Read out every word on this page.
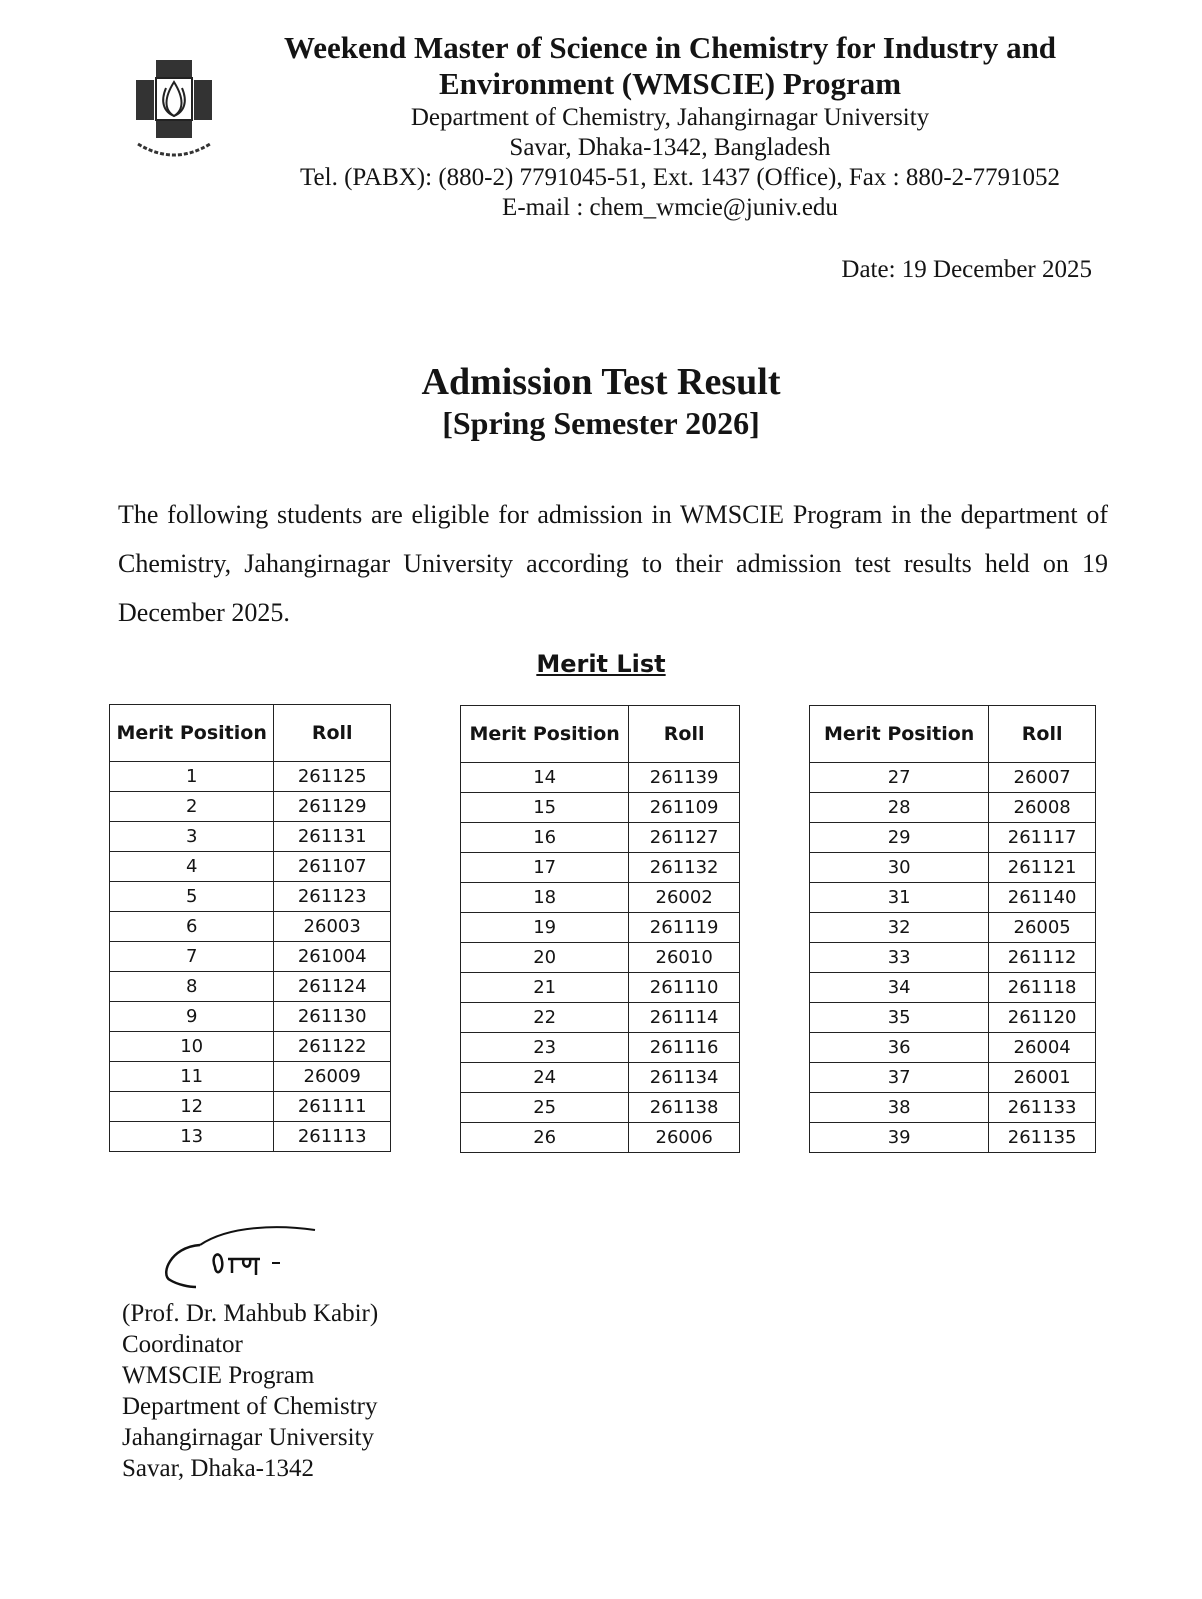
Weekend Master of Science in Chemistry for Industry and
Environment (WMSCIE) Program
Department of Chemistry, Jahangirnagar University
Savar, Dhaka-1342, Bangladesh
Tel. (PABX): (880-2) 7791045-51, Ext. 1437 (Office), Fax : 880-2-7791052
E-mail : chem_wmcie@juniv.edu
Date: 19 December 2025
Admission Test Result
[Spring Semester 2026]
The following students are eligible for admission in WMSCIE Program in the department of Chemistry, Jahangirnagar University according to their admission test results held on 19 December 2025.
Merit List
Merit Position	Roll
1	261125
2	261129
3	261131
4	261107
5	261123
6	26003
7	261004
8	261124
9	261130
10	261122
11	26009
12	261111
13	261113
Merit Position	Roll
14	261139
15	261109
16	261127
17	261132
18	26002
19	261119
20	26010
21	261110
22	261114
23	261116
24	261134
25	261138
26	26006
Merit Position	Roll
27	26007
28	26008
29	261117
30	261121
31	261140
32	26005
33	261112
34	261118
35	261120
36	26004
37	26001
38	261133
39	261135
(Prof. Dr. Mahbub Kabir)
Coordinator
WMSCIE Program
Department of Chemistry
Jahangirnagar University
Savar, Dhaka-1342
